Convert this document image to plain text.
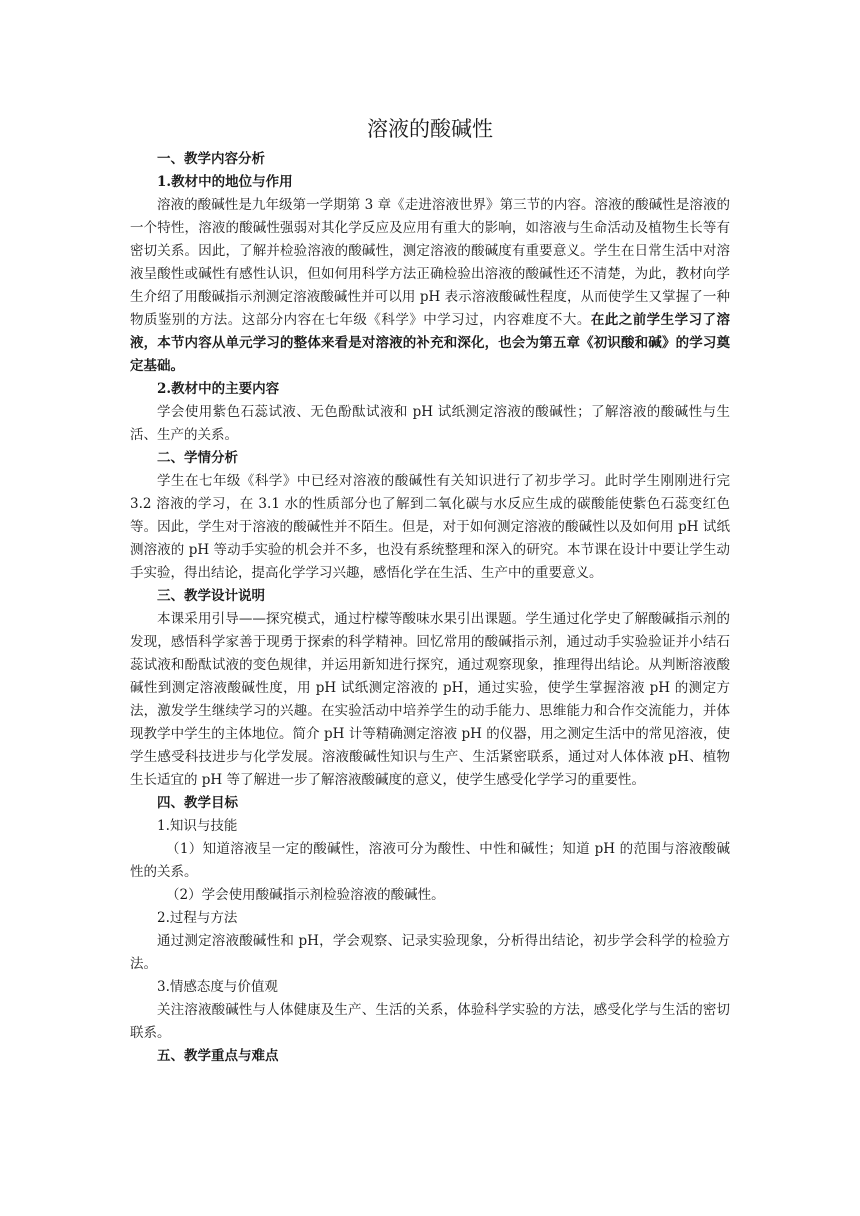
溶液的酸碱性

一、教学内容分析

1.教材中的地位与作用

溶液的酸碱性是九年级第一学期第 3 章《走进溶液世界》第三节的内容。溶液的酸碱性是溶液的一个特性，溶液的酸碱性强弱对其化学反应及应用有重大的影响，如溶液与生命活动及植物生长等有密切关系。因此，了解并检验溶液的酸碱性，测定溶液的酸碱度有重要意义。学生在日常生活中对溶液呈酸性或碱性有感性认识，但如何用科学方法正确检验出溶液的酸碱性还不清楚，为此，教材向学生介绍了用酸碱指示剂测定溶液酸碱性并可以用 pH 表示溶液酸碱性程度，从而使学生又掌握了一种物质鉴别的方法。这部分内容在七年级《科学》中学习过，内容难度不大。在此之前学生学习了溶液，本节内容从单元学习的整体来看是对溶液的补充和深化，也会为第五章《初识酸和碱》的学习奠定基础。

2.教材中的主要内容

学会使用紫色石蕊试液、无色酚酞试液和 pH 试纸测定溶液的酸碱性；了解溶液的酸碱性与生活、生产的关系。

二、学情分析

学生在七年级《科学》中已经对溶液的酸碱性有关知识进行了初步学习。此时学生刚刚进行完 3.2 溶液的学习，在 3.1 水的性质部分也了解到二氧化碳与水反应生成的碳酸能使紫色石蕊变红色等。因此，学生对于溶液的酸碱性并不陌生。但是，对于如何测定溶液的酸碱性以及如何用 pH 试纸测溶液的 pH 等动手实验的机会并不多，也没有系统整理和深入的研究。本节课在设计中要让学生动手实验，得出结论，提高化学学习兴趣，感悟化学在生活、生产中的重要意义。

三、教学设计说明

本课采用引导——探究模式，通过柠檬等酸味水果引出课题。学生通过化学史了解酸碱指示剂的发现，感悟科学家善于现勇于探索的科学精神。回忆常用的酸碱指示剂，通过动手实验验证并小结石蕊试液和酚酞试液的变色规律，并运用新知进行探究，通过观察现象，推理得出结论。从判断溶液酸碱性到测定溶液酸碱性度，用 pH 试纸测定溶液的 pH，通过实验，使学生掌握溶液 pH 的测定方法，激发学生继续学习的兴趣。在实验活动中培养学生的动手能力、思维能力和合作交流能力，并体现教学中学生的主体地位。简介 pH 计等精确测定溶液 pH 的仪器，用之测定生活中的常见溶液，使学生感受科技进步与化学发展。溶液酸碱性知识与生产、生活紧密联系，通过对人体体液 pH、植物生长适宜的 pH 等了解进一步了解溶液酸碱度的意义，使学生感受化学学习的重要性。

四、教学目标

1.知识与技能

（1）知道溶液呈一定的酸碱性，溶液可分为酸性、中性和碱性；知道 pH 的范围与溶液酸碱性的关系。

（2）学会使用酸碱指示剂检验溶液的酸碱性。

2.过程与方法

通过测定溶液酸碱性和 pH，学会观察、记录实验现象，分析得出结论，初步学会科学的检验方法。

3.情感态度与价值观

关注溶液酸碱性与人体健康及生产、生活的关系，体验科学实验的方法，感受化学与生活的密切联系。

五、教学重点与难点
